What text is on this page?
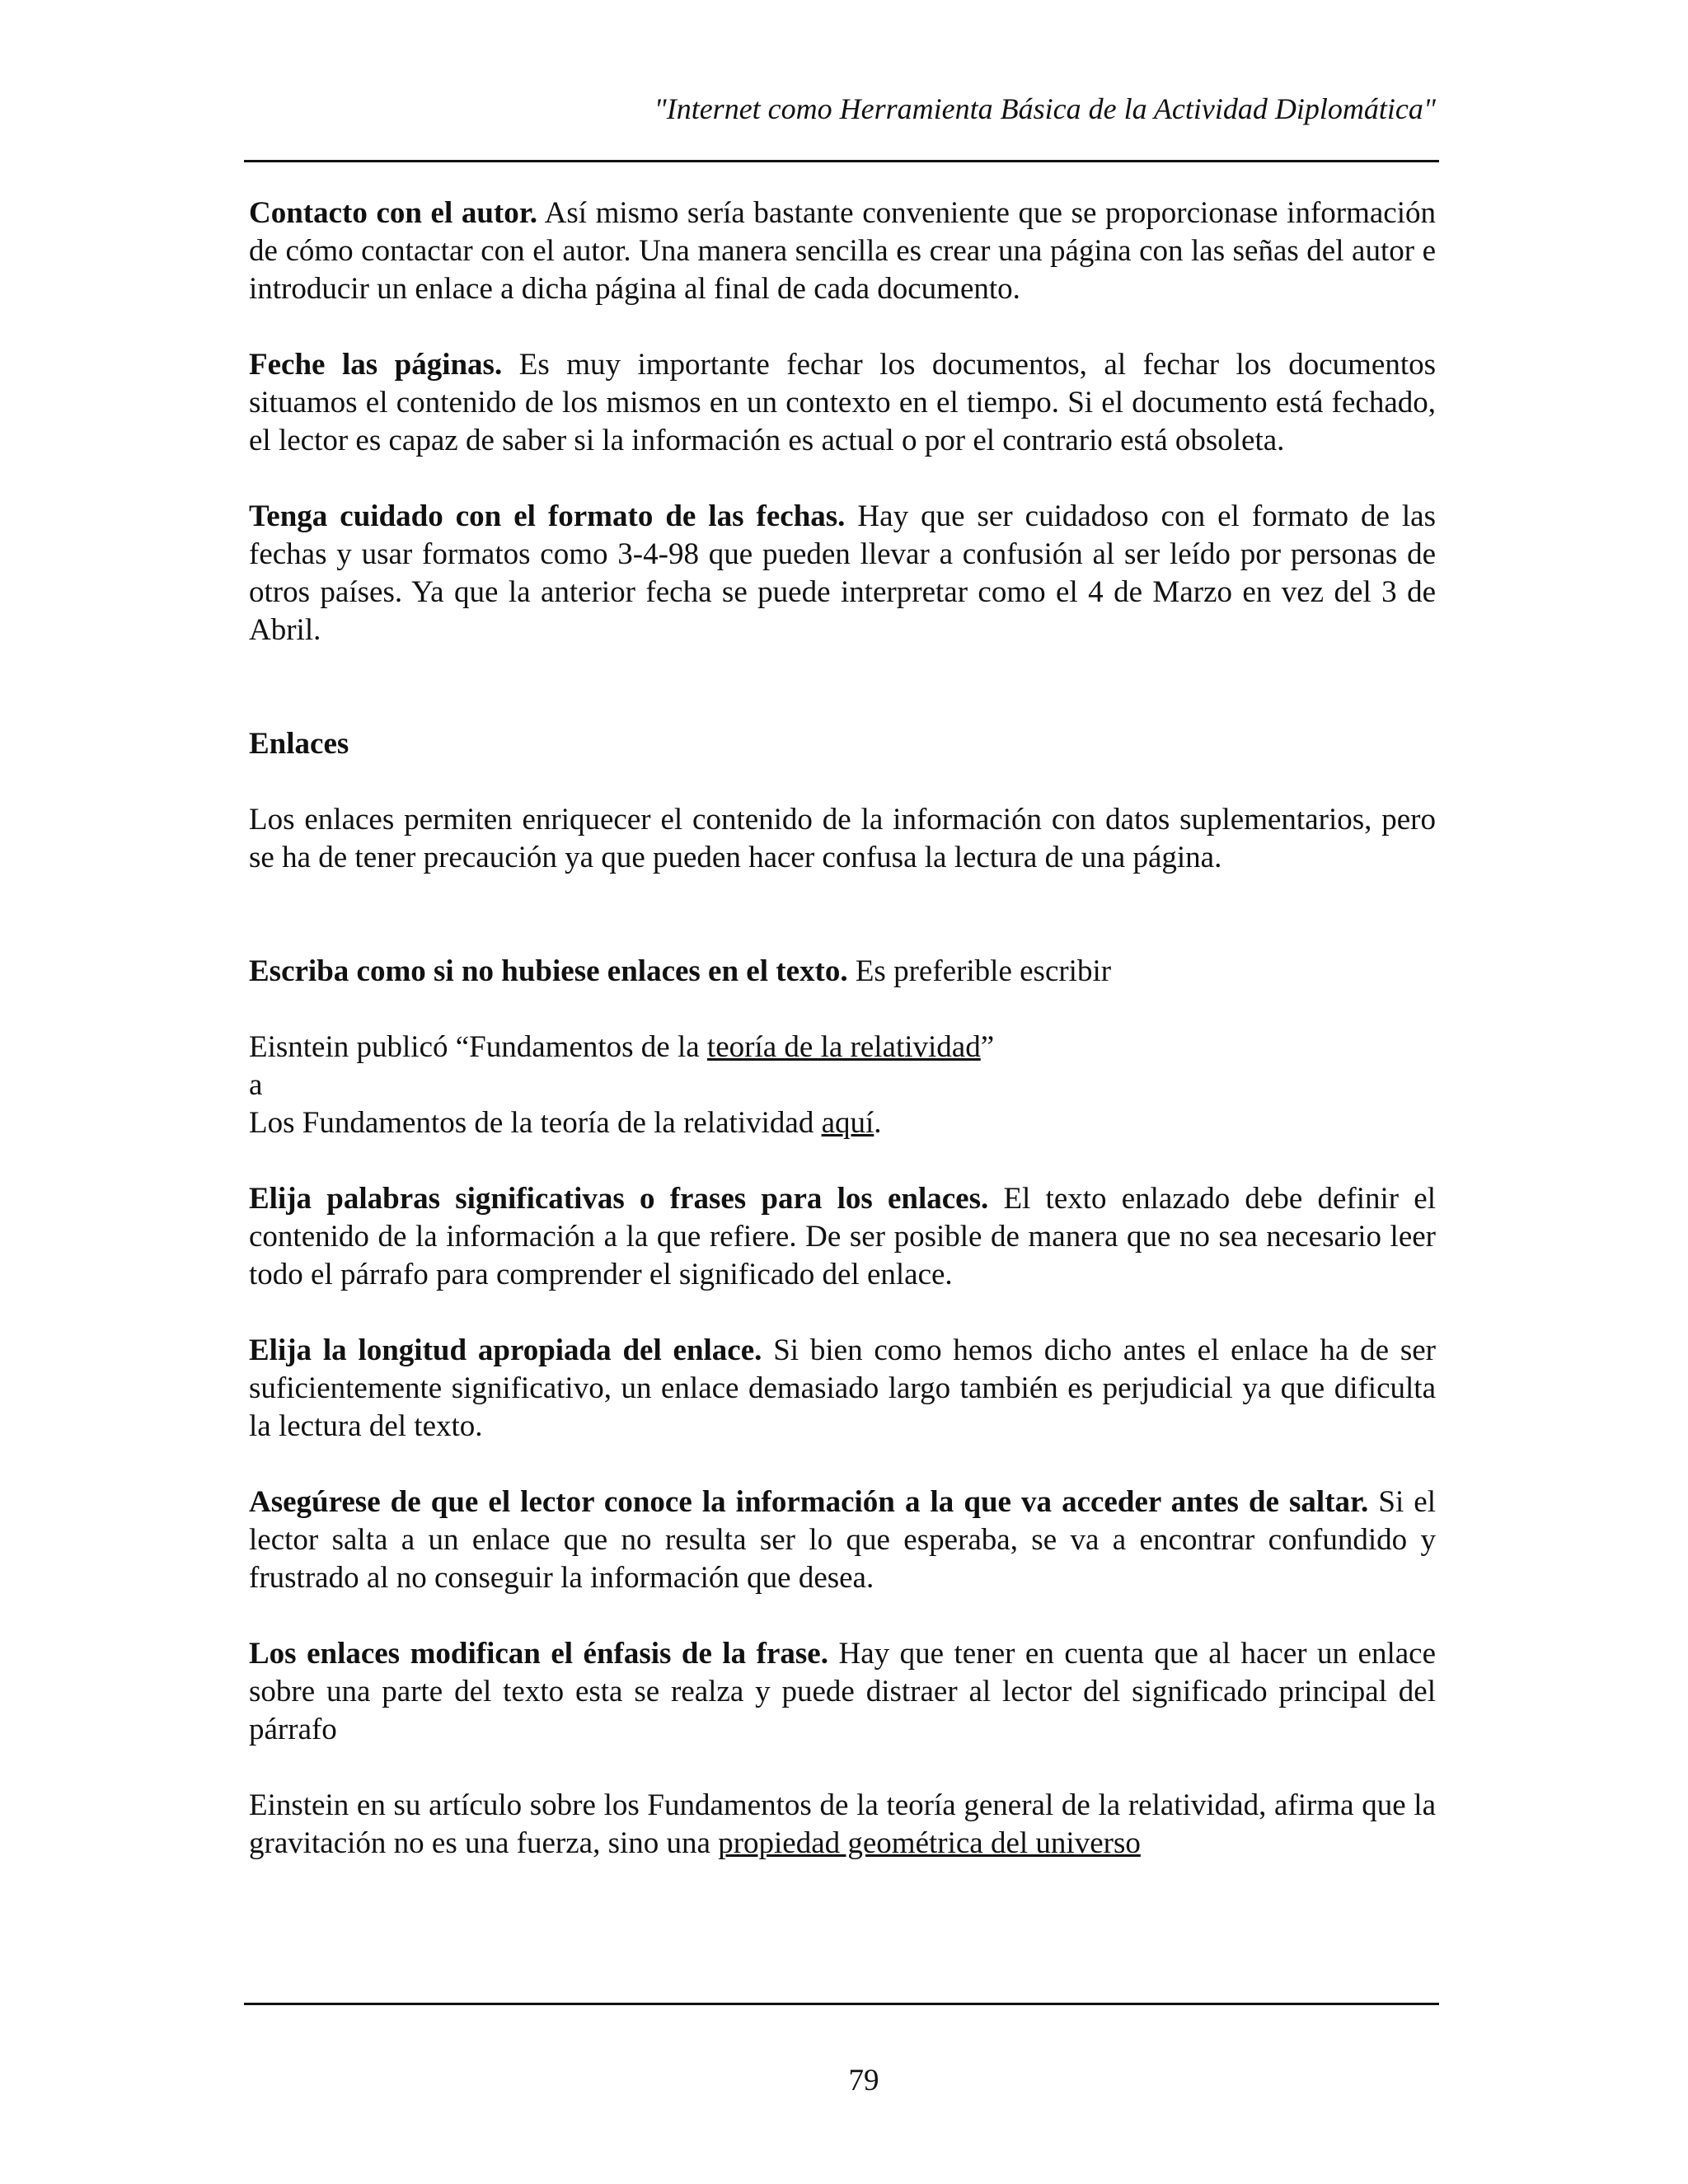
"Internet como Herramienta Básica de la Actividad Diplomática"

Contacto con el autor. Así mismo sería bastante conveniente que se proporcionase información de cómo contactar con el autor. Una manera sencilla es crear una página con las señas del autor e introducir un enlace a dicha página al final de cada documento.

Feche las páginas. Es muy importante fechar los documentos, al fechar los documentos situamos el contenido de los mismos en un contexto en el tiempo. Si el documento está fechado, el lector es capaz de saber si la información es actual o por el contrario está obsoleta.

Tenga cuidado con el formato de las fechas. Hay que ser cuidadoso con el formato de las fechas y usar formatos como 3-4-98 que pueden llevar a confusión al ser leído por personas de otros países. Ya que la anterior fecha se puede interpretar como el 4 de Marzo en vez del 3 de Abril.

Enlaces

Los enlaces permiten enriquecer el contenido de la información con datos suplementarios, pero se ha de tener precaución ya que pueden hacer confusa la lectura de una página.

Escriba como si no hubiese enlaces en el texto. Es preferible escribir

Eisntein publicó “Fundamentos de la teoría de la relatividad”

a

Los Fundamentos de la teoría de la relatividad aquí.

Elija palabras significativas o frases para los enlaces. El texto enlazado debe definir el contenido de la información a la que refiere. De ser posible de manera que no sea necesario leer todo el párrafo para comprender el significado del enlace.

Elija la longitud apropiada del enlace. Si bien como hemos dicho antes el enlace ha de ser suficientemente significativo, un enlace demasiado largo también es perjudicial ya que dificulta la lectura del texto.

Asegúrese de que el lector conoce la información a la que va acceder antes de saltar. Si el lector salta a un enlace que no resulta ser lo que esperaba, se va a encontrar confundido y frustrado al no conseguir la información que desea.

Los enlaces modifican el énfasis de la frase. Hay que tener en cuenta que al hacer un enlace sobre una parte del texto esta se realza y puede distraer al lector del significado principal del párrafo

Einstein en su artículo sobre los Fundamentos de la teoría general de la relatividad, afirma que la gravitación no es una fuerza, sino una propiedad geométrica del universo

79
